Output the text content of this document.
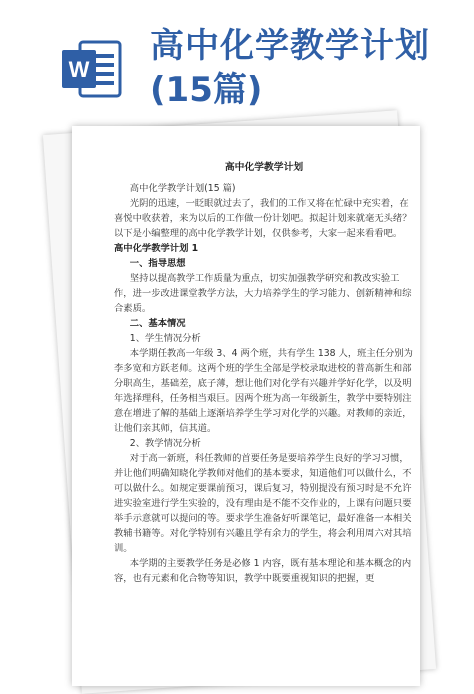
W
高中化学教学计划
(15篇)

高中化学教学计划

高中化学教学计划(15 篇)

光阴的迅速，一眨眼就过去了，我们的工作又将在忙碌中充实着，在喜悦中收获着，来为以后的工作做一份计划吧。拟起计划来就毫无头绪？以下是小编整理的高中化学教学计划，仅供参考，大家一起来看看吧。

高中化学教学计划 1

一、指导思想

坚持以提高教学工作质量为重点，切实加强教学研究和教改实验工作，进一步改进课堂教学方法，大力培养学生的学习能力、创新精神和综合素质。

二、基本情况

1、学生情况分析

本学期任教高一年级 3、4 两个班，共有学生 138 人，班主任分别为李多宽和方跃老师。这两个班的学生全部是学校录取进校的普高新生和部分职高生，基础差，底子薄，想让他们对化学有兴趣并学好化学，以及明年选择理科，任务相当艰巨。因两个班为高一年级新生，教学中要特别注意在增进了解的基础上逐渐培养学生学习对化学的兴趣。对教师的亲近，让他们亲其师，信其道。

2、教学情况分析

对于高一新班，科任教师的首要任务是要培养学生良好的学习习惯，并让他们明确知晓化学教师对他们的基本要求，知道他们可以做什么，不可以做什么。如规定要课前预习，课后复习，特别提没有预习时是不允许进实验室进行学生实验的，没有理由是不能不交作业的，上课有问题只要举手示意就可以提问的等。要求学生准备好听课笔记，最好准备一本相关教辅书籍等。对化学特别有兴趣且学有余力的学生，将会利用周六对其培训。

本学期的主要教学任务是必修 1 内容，既有基本理论和基本概念的内容，也有元素和化合物等知识，教学中既要重视知识的把握，更
